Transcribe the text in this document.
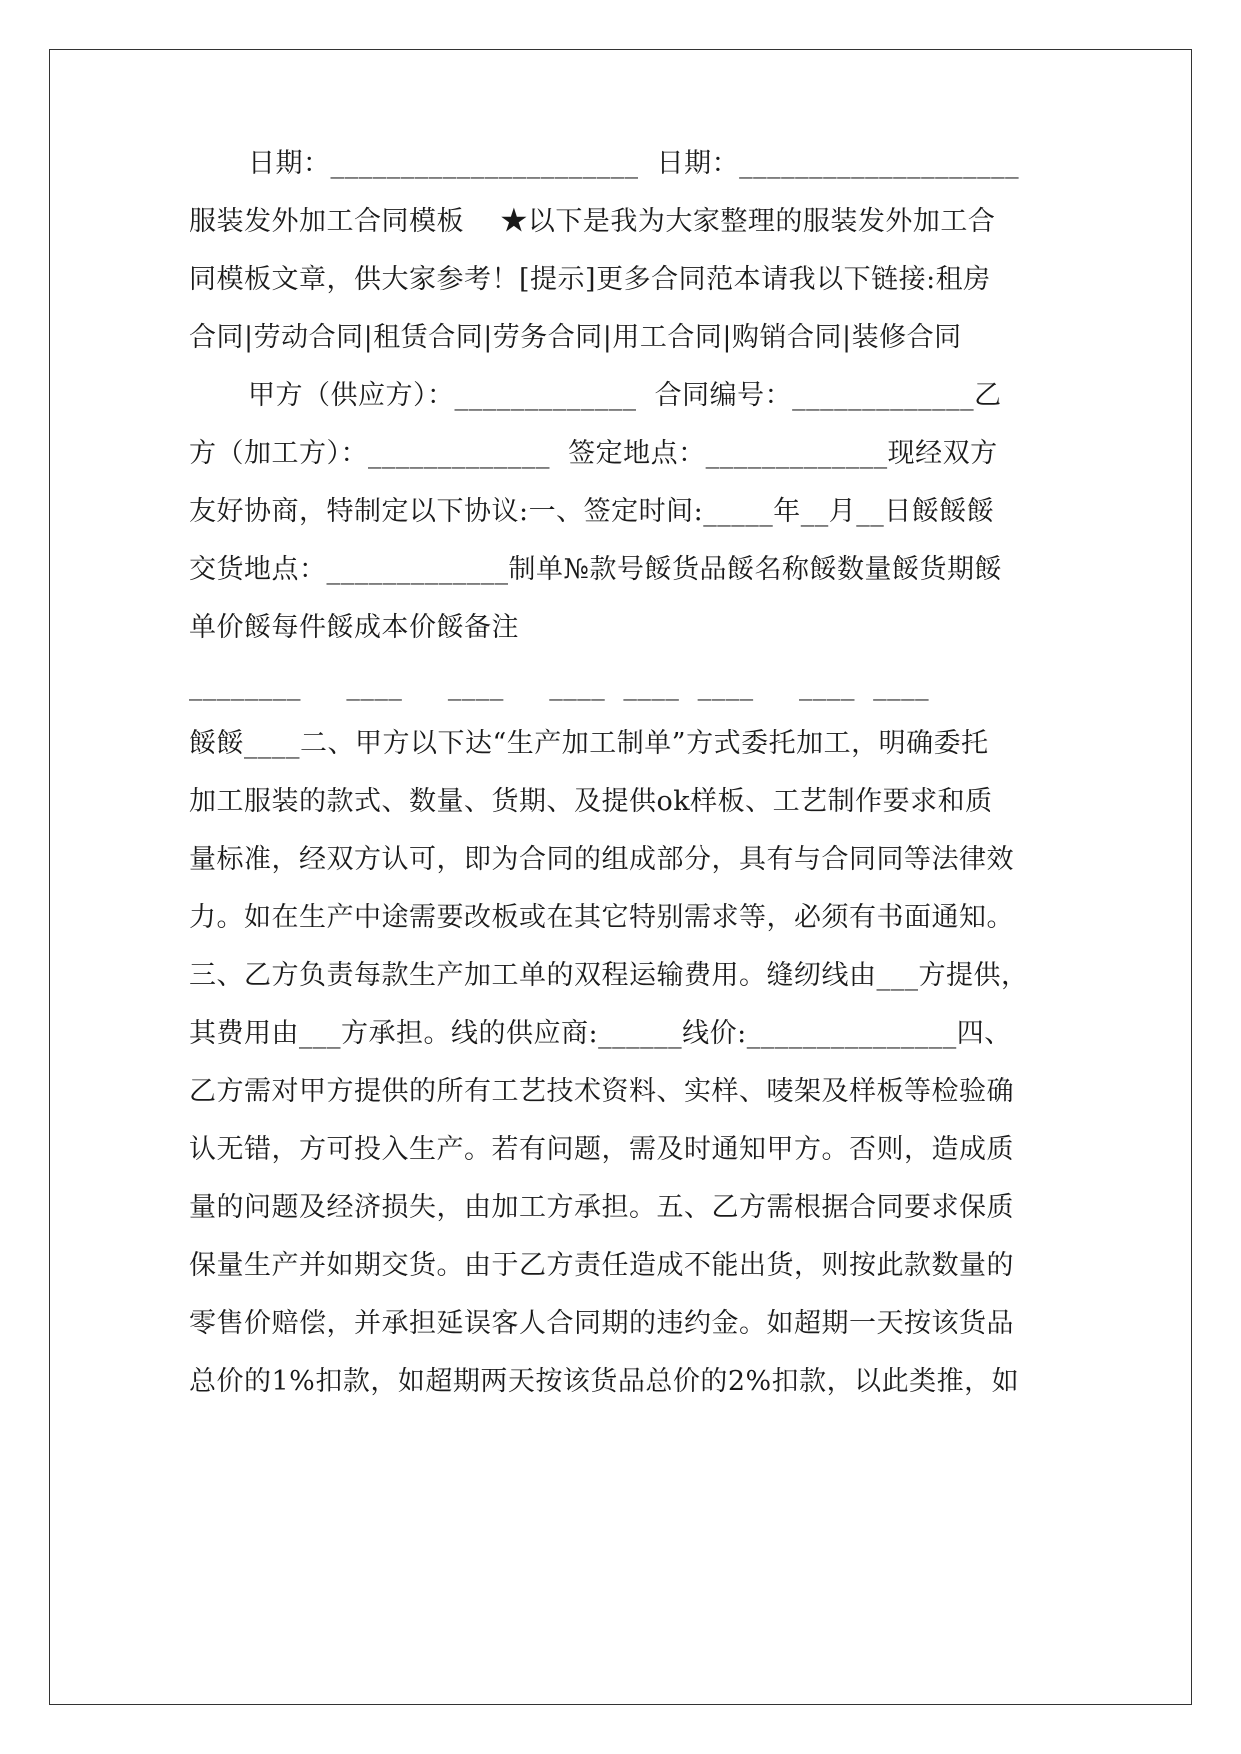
日期：______________________  日期：____________________
服装发外加工合同模板    ★以下是我为大家整理的服装发外加工合
同模板文章，供大家参考！[提示]更多合同范本请我以下链接:租房
合同|劳动合同|租赁合同|劳务合同|用工合同|购销合同|装修合同
甲方（供应方）：_____________  合同编号：_____________乙
方（加工方）：_____________  签定地点：_____________现经双方
友好协商，特制定以下协议:一、签定时间:_____年__月__日餒餒餒
交货地点：_____________制单№款号餒货品餒名称餒数量餒货期餒
单价餒每件餒成本价餒备注
________     ____     ____     ____  ____  ____     ____  ____
餒餒____二、甲方以下达“生产加工制单”方式委托加工，明确委托
加工服装的款式、数量、货期、及提供ok样板、工艺制作要求和质
量标准，经双方认可，即为合同的组成部分，具有与合同同等法律效
力。如在生产中途需要改板或在其它特别需求等，必须有书面通知。
三、乙方负责每款生产加工单的双程运输费用。缝纫线由___方提供，
其费用由___方承担。线的供应商:______线价:_______________四、
乙方需对甲方提供的所有工艺技术资料、实样、唛架及样板等检验确
认无错，方可投入生产。若有问题，需及时通知甲方。否则，造成质
量的问题及经济损失，由加工方承担。五、乙方需根据合同要求保质
保量生产并如期交货。由于乙方责任造成不能出货，则按此款数量的
零售价赔偿，并承担延误客人合同期的违约金。如超期一天按该货品
总价的1%扣款，如超期两天按该货品总价的2%扣款，以此类推，如
